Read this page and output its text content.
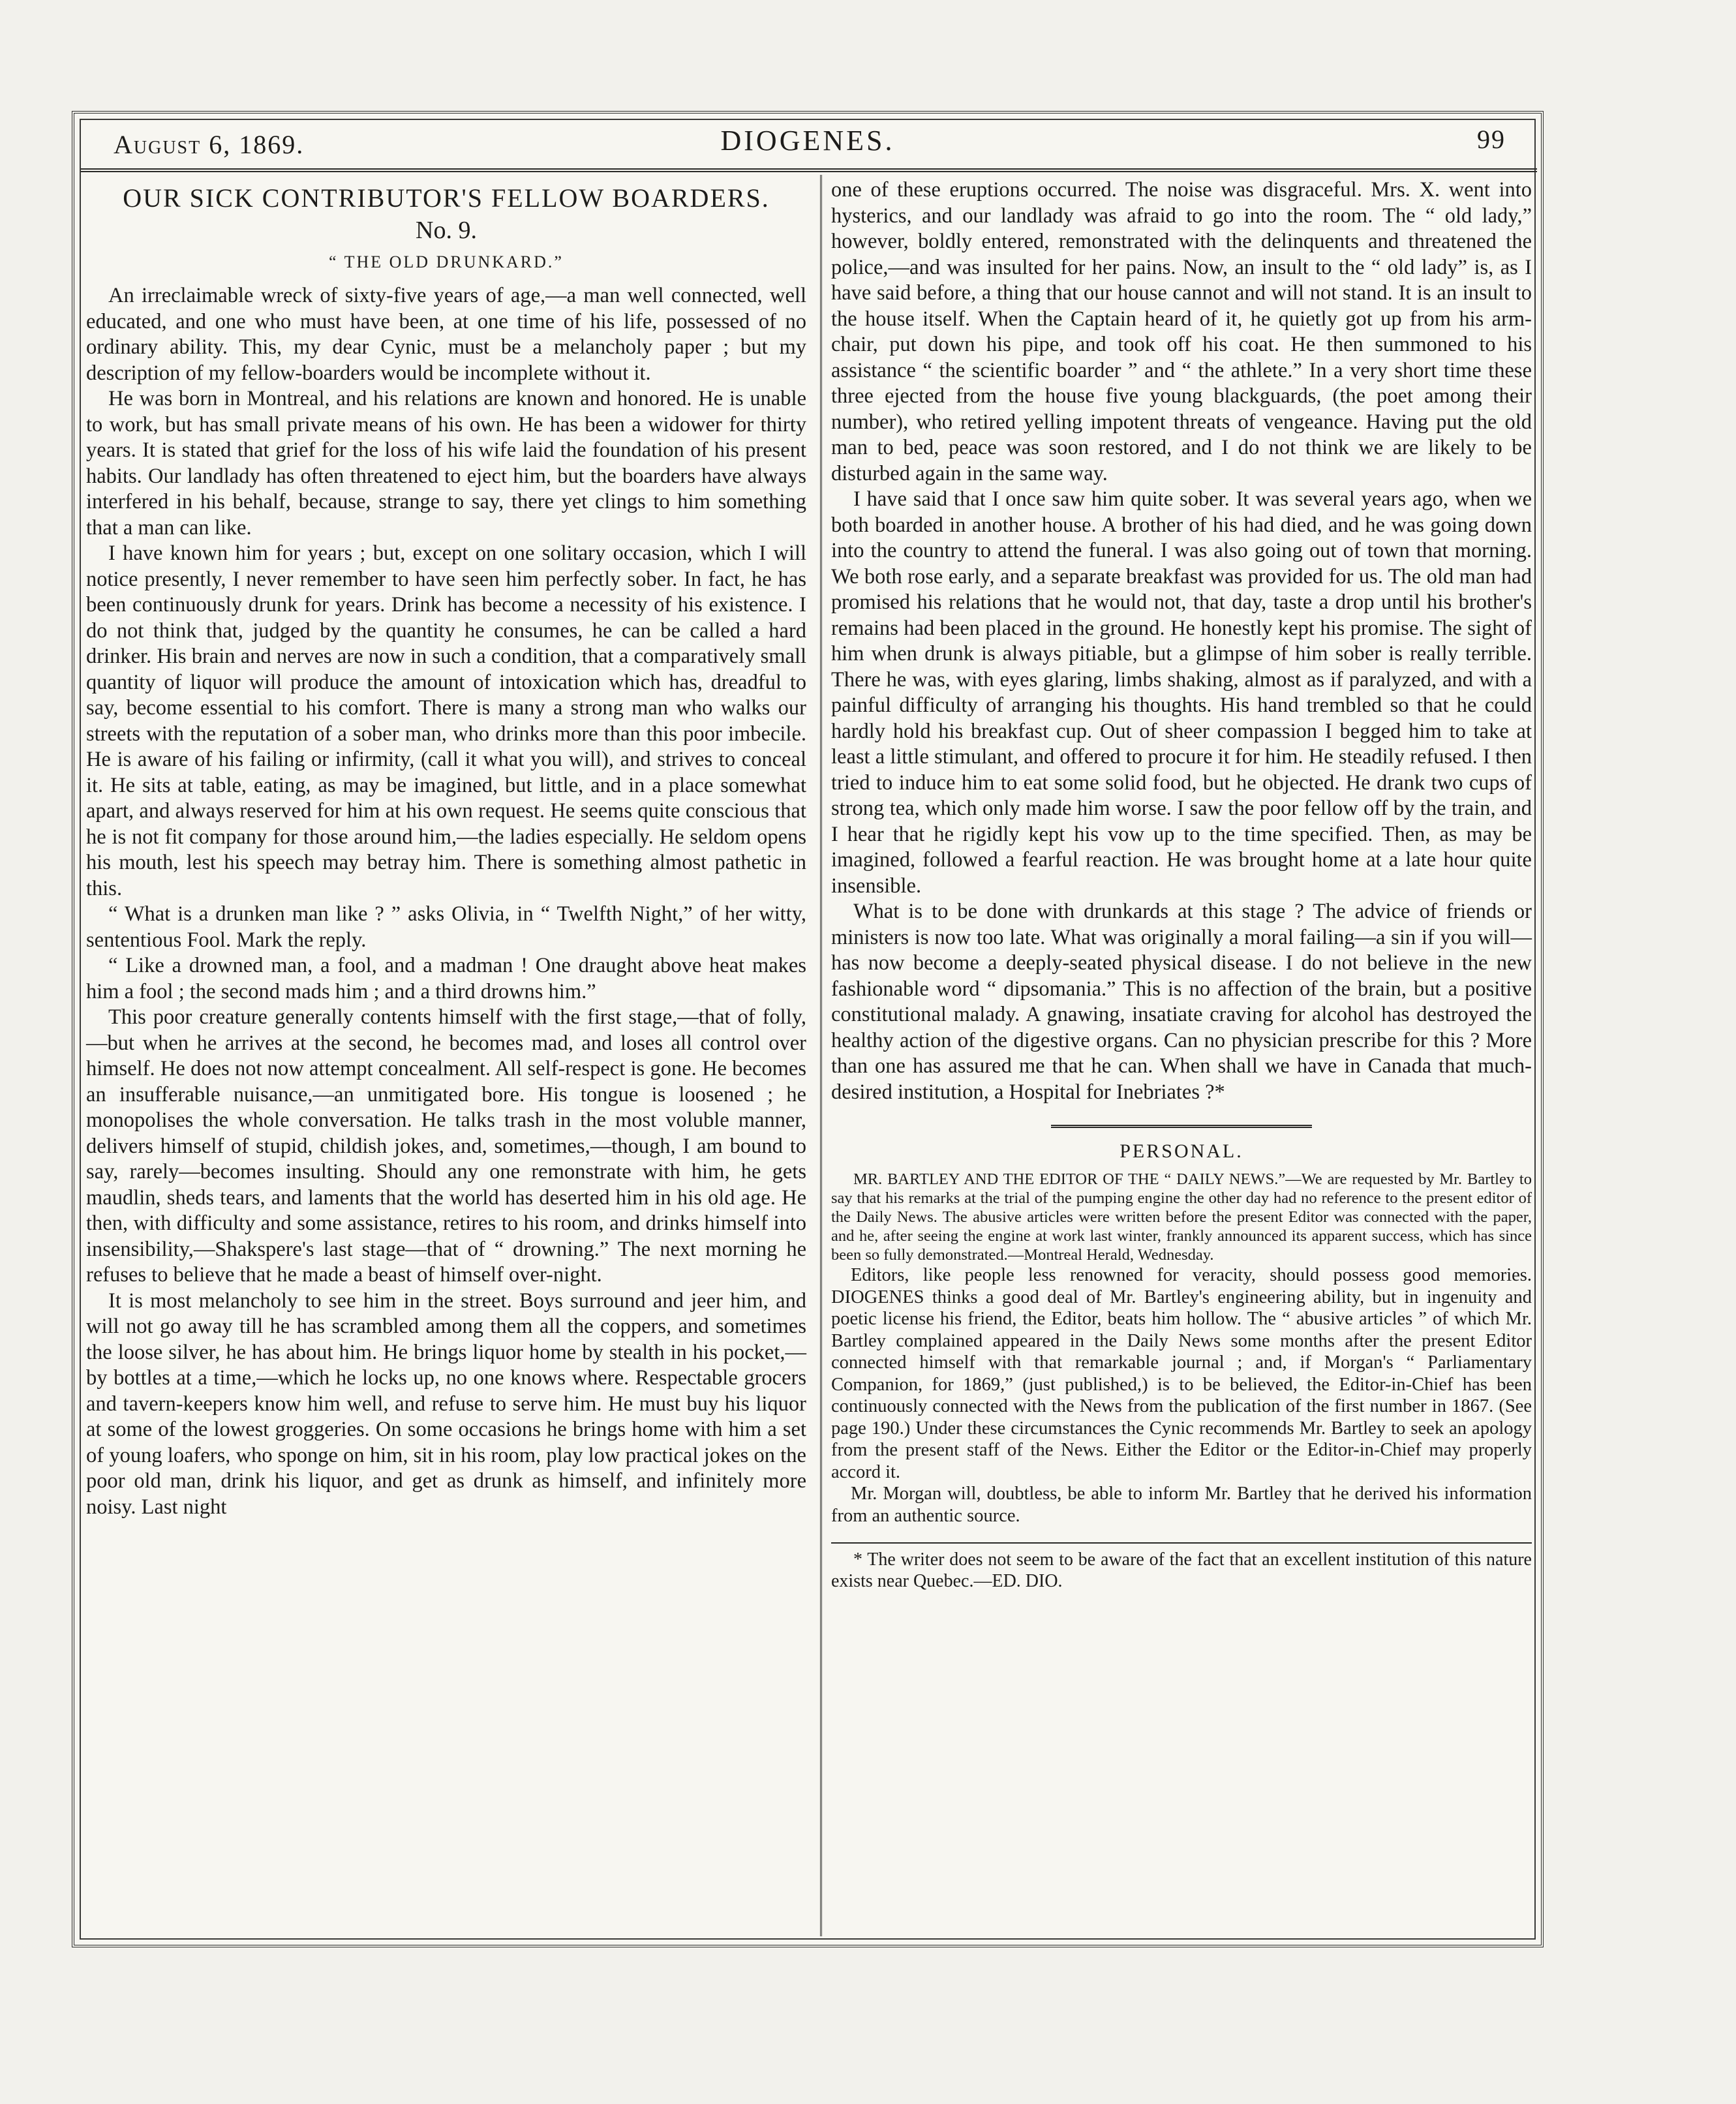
August 6, 1869.	DIOGENES.	99
OUR SICK CONTRIBUTOR'S FELLOW BOARDERS.
No. 9.
“ THE OLD DRUNKARD.”

An irreclaimable wreck of sixty-five years of age,—a man well connected, well educated, and one who must have been, at one time of his life, possessed of no ordinary ability. This, my dear Cynic, must be a melancholy paper ; but my description of my fellow-boarders would be incomplete without it.

He was born in Montreal, and his relations are known and honored. He is unable to work, but has small private means of his own. He has been a widower for thirty years. It is stated that grief for the loss of his wife laid the foundation of his present habits. Our landlady has often threatened to eject him, but the boarders have always interfered in his behalf, because, strange to say, there yet clings to him something that a man can like.

I have known him for years ; but, except on one solitary occasion, which I will notice presently, I never remember to have seen him perfectly sober. In fact, he has been continuously drunk for years. Drink has become a necessity of his existence. I do not think that, judged by the quantity he consumes, he can be called a hard drinker. His brain and nerves are now in such a condition, that a comparatively small quantity of liquor will produce the amount of intoxication which has, dreadful to say, become essential to his comfort. There is many a strong man who walks our streets with the reputation of a sober man, who drinks more than this poor imbecile. He is aware of his failing or infirmity, (call it what you will), and strives to conceal it. He sits at table, eating, as may be imagined, but little, and in a place somewhat apart, and always reserved for him at his own request. He seems quite conscious that he is not fit company for those around him,—the ladies especially. He seldom opens his mouth, lest his speech may betray him. There is something almost pathetic in this.

“ What is a drunken man like ? ” asks Olivia, in “ Twelfth Night,” of her witty, sententious Fool. Mark the reply.

“ Like a drowned man, a fool, and a madman ! One draught above heat makes him a fool ; the second mads him ; and a third drowns him.”

This poor creature generally contents himself with the first stage,—that of folly,—but when he arrives at the second, he becomes mad, and loses all control over himself. He does not now attempt concealment. All self-respect is gone. He becomes an insufferable nuisance,—an unmitigated bore. His tongue is loosened ; he monopolises the whole conversation. He talks trash in the most voluble manner, delivers himself of stupid, childish jokes, and, sometimes,—though, I am bound to say, rarely—becomes insulting. Should any one remonstrate with him, he gets maudlin, sheds tears, and laments that the world has deserted him in his old age. He then, with difficulty and some assistance, retires to his room, and drinks himself into insensibility,—Shakspere's last stage—that of “ drowning.” The next morning he refuses to believe that he made a beast of himself over-night.

It is most melancholy to see him in the street. Boys surround and jeer him, and will not go away till he has scrambled among them all the coppers, and sometimes the loose silver, he has about him. He brings liquor home by stealth in his pocket,—by bottles at a time,—which he locks up, no one knows where. Respectable grocers and tavern-keepers know him well, and refuse to serve him. He must buy his liquor at some of the lowest groggeries. On some occasions he brings home with him a set of young loafers, who sponge on him, sit in his room, play low practical jokes on the poor old man, drink his liquor, and get as drunk as himself, and infinitely more noisy. Last night

one of these eruptions occurred. The noise was disgraceful. Mrs. X. went into hysterics, and our landlady was afraid to go into the room. The “ old lady,” however, boldly entered, remonstrated with the delinquents and threatened the police,—and was insulted for her pains. Now, an insult to the “ old lady” is, as I have said before, a thing that our house cannot and will not stand. It is an insult to the house itself. When the Captain heard of it, he quietly got up from his arm-chair, put down his pipe, and took off his coat. He then summoned to his assistance “ the scientific boarder ” and “ the athlete.” In a very short time these three ejected from the house five young blackguards, (the poet among their number), who retired yelling impotent threats of vengeance. Having put the old man to bed, peace was soon restored, and I do not think we are likely to be disturbed again in the same way.

I have said that I once saw him quite sober. It was several years ago, when we both boarded in another house. A brother of his had died, and he was going down into the country to attend the funeral. I was also going out of town that morning. We both rose early, and a separate breakfast was provided for us. The old man had promised his relations that he would not, that day, taste a drop until his brother's remains had been placed in the ground. He honestly kept his promise. The sight of him when drunk is always pitiable, but a glimpse of him sober is really terrible. There he was, with eyes glaring, limbs shaking, almost as if paralyzed, and with a painful difficulty of arranging his thoughts. His hand trembled so that he could hardly hold his breakfast cup. Out of sheer compassion I begged him to take at least a little stimulant, and offered to procure it for him. He steadily refused. I then tried to induce him to eat some solid food, but he objected. He drank two cups of strong tea, which only made him worse. I saw the poor fellow off by the train, and I hear that he rigidly kept his vow up to the time specified. Then, as may be imagined, followed a fearful reaction. He was brought home at a late hour quite insensible.

What is to be done with drunkards at this stage ? The advice of friends or ministers is now too late. What was originally a moral failing—a sin if you will—has now become a deeply-seated physical disease. I do not believe in the new fashionable word “ dipsomania.” This is no affection of the brain, but a positive constitutional malady. A gnawing, insatiate craving for alcohol has destroyed the healthy action of the digestive organs. Can no physician prescribe for this ? More than one has assured me that he can. When shall we have in Canada that much-desired institution, a Hospital for Inebriates ?*

PERSONAL.

MR. BARTLEY AND THE EDITOR OF THE “ DAILY NEWS.”—We are requested by Mr. Bartley to say that his remarks at the trial of the pumping engine the other day had no reference to the present editor of the Daily News. The abusive articles were written before the present Editor was connected with the paper, and he, after seeing the engine at work last winter, frankly announced its apparent success, which has since been so fully demonstrated.—Montreal Herald, Wednesday.

Editors, like people less renowned for veracity, should possess good memories. DIOGENES thinks a good deal of Mr. Bartley's engineering ability, but in ingenuity and poetic license his friend, the Editor, beats him hollow. The “ abusive articles ” of which Mr. Bartley complained appeared in the Daily News some months after the present Editor connected himself with that remarkable journal ; and, if Morgan's “ Parliamentary Companion, for 1869,” (just published,) is to be believed, the Editor-in-Chief has been continuously connected with the News from the publication of the first number in 1867. (See page 190.) Under these circumstances the Cynic recommends Mr. Bartley to seek an apology from the present staff of the News. Either the Editor or the Editor-in-Chief may properly accord it.

Mr. Morgan will, doubtless, be able to inform Mr. Bartley that he derived his information from an authentic source.

* The writer does not seem to be aware of the fact that an excellent institution of this nature exists near Quebec.—ED. DIO.
